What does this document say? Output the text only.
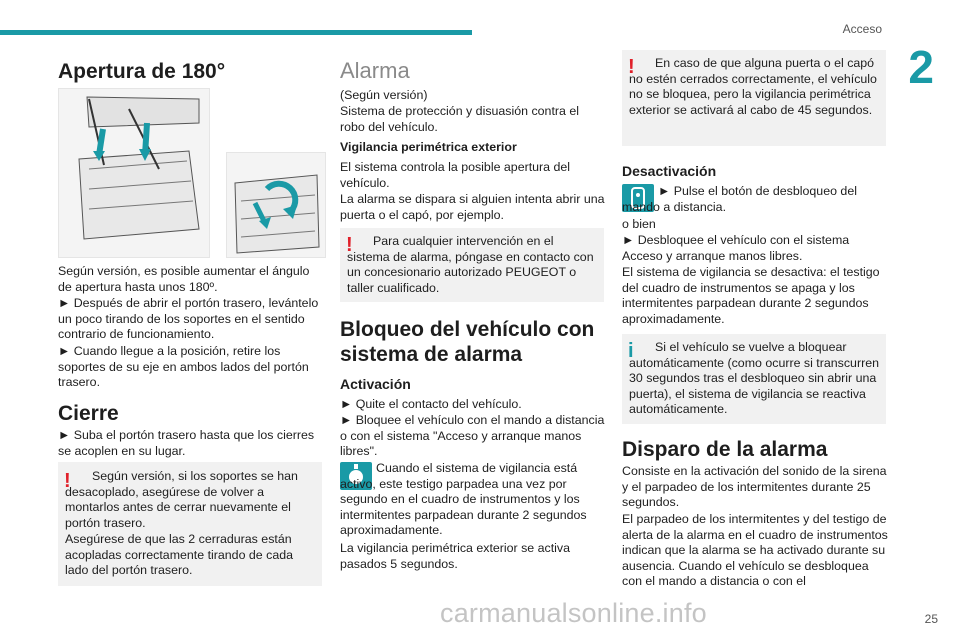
Acceso
2
25
carmanualsonline.info
Apertura de 180°

Según versión, es posible aumentar el ángulo de apertura hasta unos 180º.

► Después de abrir el portón trasero, levántelo un poco tirando de los soportes en el sentido contrario de funcionamiento.

► Cuando llegue a la posición, retire los soportes de su eje en ambos lados del portón trasero.

Cierre

► Suba el portón trasero hasta que los cierres se acoplen en su lugar.

!	Según versión, si los soportes se han desacoplado, asegúrese de volver a montarlos antes de cerrar nuevamente el portón trasero.

Asegúrese de que las 2 cerraduras están acopladas correctamente tirando de cada lado del portón trasero.

Alarma

(Según versión)

Sistema de protección y disuasión contra el robo del vehículo.

Vigilancia perimétrica exterior

El sistema controla la posible apertura del vehículo.

La alarma se dispara si alguien intenta abrir una puerta o el capó, por ejemplo.

!	Para cualquier intervención en el sistema de alarma, póngase en contacto con un concesionario autorizado PEUGEOT o taller cualificado.

Bloqueo del vehículo con sistema de alarma
Activación

► Quite el contacto del vehículo.

► Bloquee el vehículo con el mando a distancia o con el sistema "Acceso y arranque manos libres".

Cuando el sistema de vigilancia está activo, este testigo parpadea una vez por segundo en el cuadro de instrumentos y los intermitentes parpadean durante 2 segundos aproximadamente.

La vigilancia perimétrica exterior se activa pasados 5 segundos.

!	En caso de que alguna puerta o el capó no estén cerrados correctamente, el vehículo no se bloquea, pero la vigilancia perimétrica exterior se activará al cabo de 45 segundos.

Desactivación

► Pulse el botón de desbloqueo del mando a distancia.

o bien

► Desbloquee el vehículo con el sistema Acceso y arranque manos libres.

El sistema de vigilancia se desactiva: el testigo del cuadro de instrumentos se apaga y los intermitentes parpadean durante 2 segundos aproximadamente.

i	Si el vehículo se vuelve a bloquear automáticamente (como ocurre si transcurren 30 segundos tras el desbloqueo sin abrir una puerta), el sistema de vigilancia se reactiva automáticamente.

Disparo de la alarma

Consiste en la activación del sonido de la sirena y el parpadeo de los intermitentes durante 25 segundos.

El parpadeo de los intermitentes y del testigo de alerta de la alarma en el cuadro de instrumentos indican que la alarma se ha activado durante su ausencia. Cuando el vehículo se desbloquea con el mando a distancia o con el
